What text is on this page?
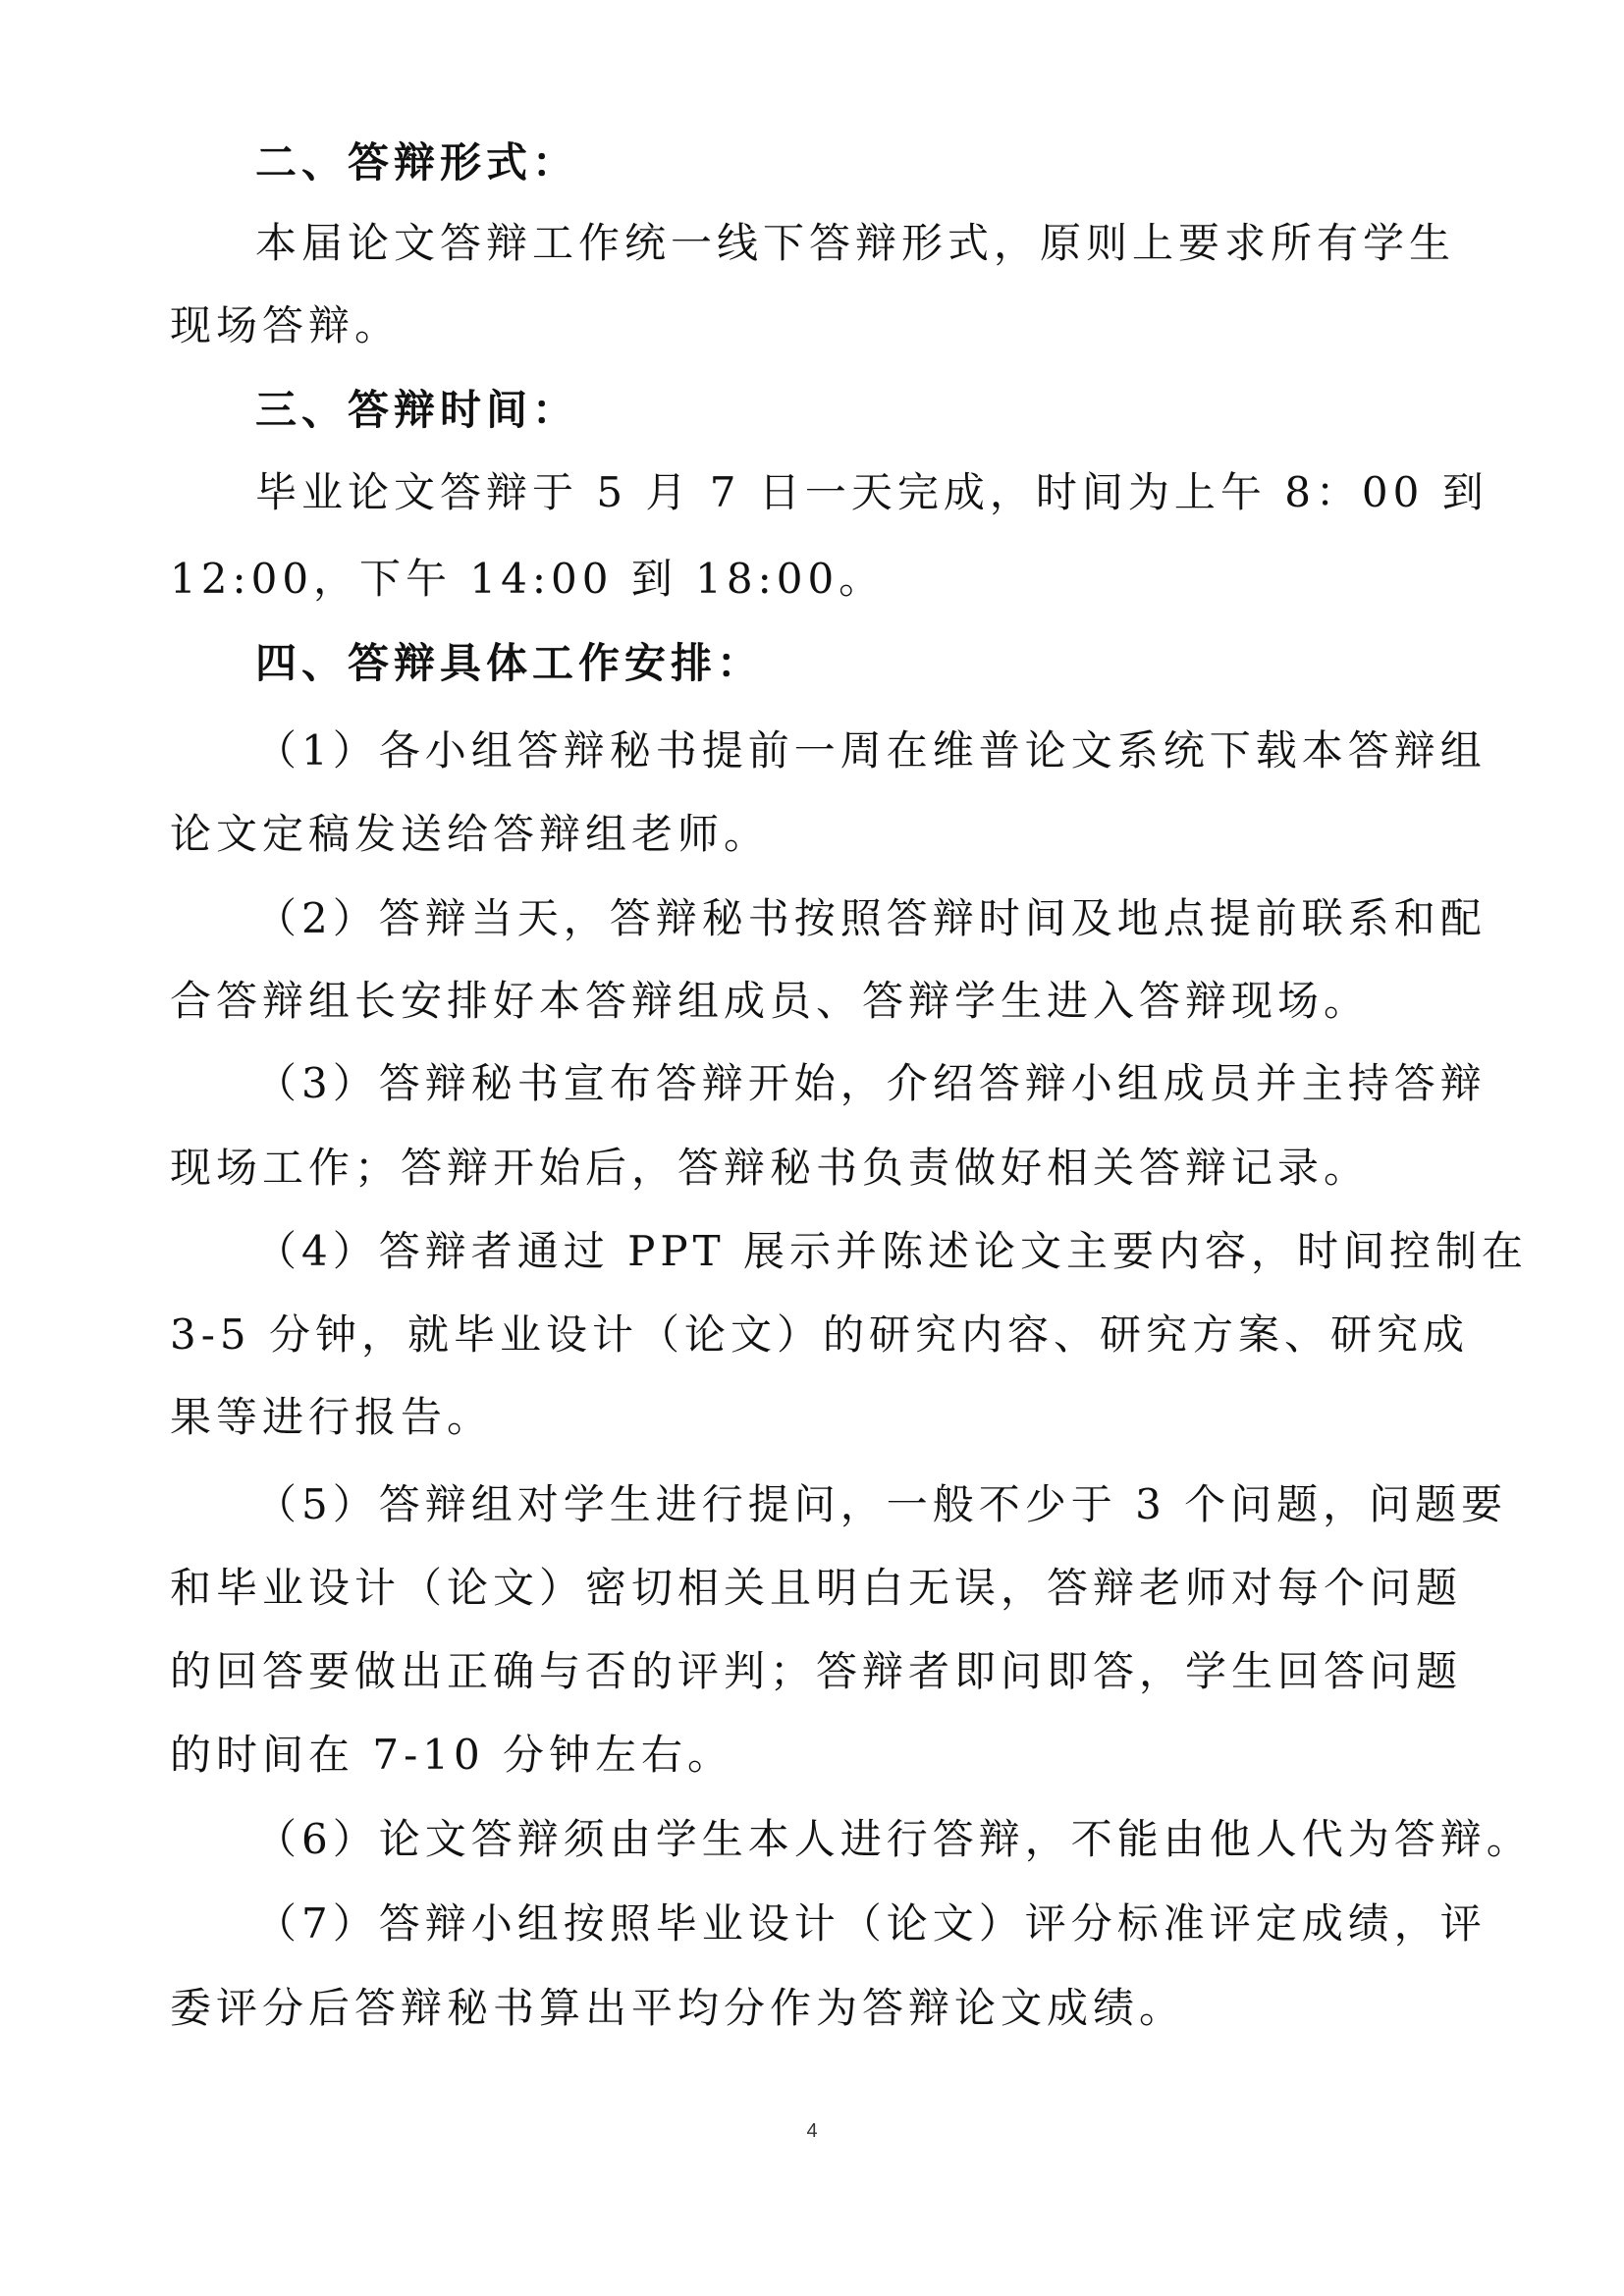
二、答辩形式：
本届论文答辩工作统一线下答辩形式，原则上要求所有学生
现场答辩。
三、答辩时间：
毕业论文答辩于 5 月 7 日一天完成，时间为上午 8：00 到
12:00，下午 14:00 到 18:00。
四、答辩具体工作安排：
（1）各小组答辩秘书提前一周在维普论文系统下载本答辩组
论文定稿发送给答辩组老师。
（2）答辩当天，答辩秘书按照答辩时间及地点提前联系和配
合答辩组长安排好本答辩组成员、答辩学生进入答辩现场。
（3）答辩秘书宣布答辩开始，介绍答辩小组成员并主持答辩
现场工作；答辩开始后，答辩秘书负责做好相关答辩记录。
（4）答辩者通过 PPT 展示并陈述论文主要内容，时间控制在
3-5 分钟，就毕业设计（论文）的研究内容、研究方案、研究成
果等进行报告。
（5）答辩组对学生进行提问，一般不少于 3 个问题，问题要
和毕业设计（论文）密切相关且明白无误，答辩老师对每个问题
的回答要做出正确与否的评判；答辩者即问即答，学生回答问题
的时间在 7-10 分钟左右。
（6）论文答辩须由学生本人进行答辩，不能由他人代为答辩。
（7）答辩小组按照毕业设计（论文）评分标准评定成绩，评
委评分后答辩秘书算出平均分作为答辩论文成绩。
4
